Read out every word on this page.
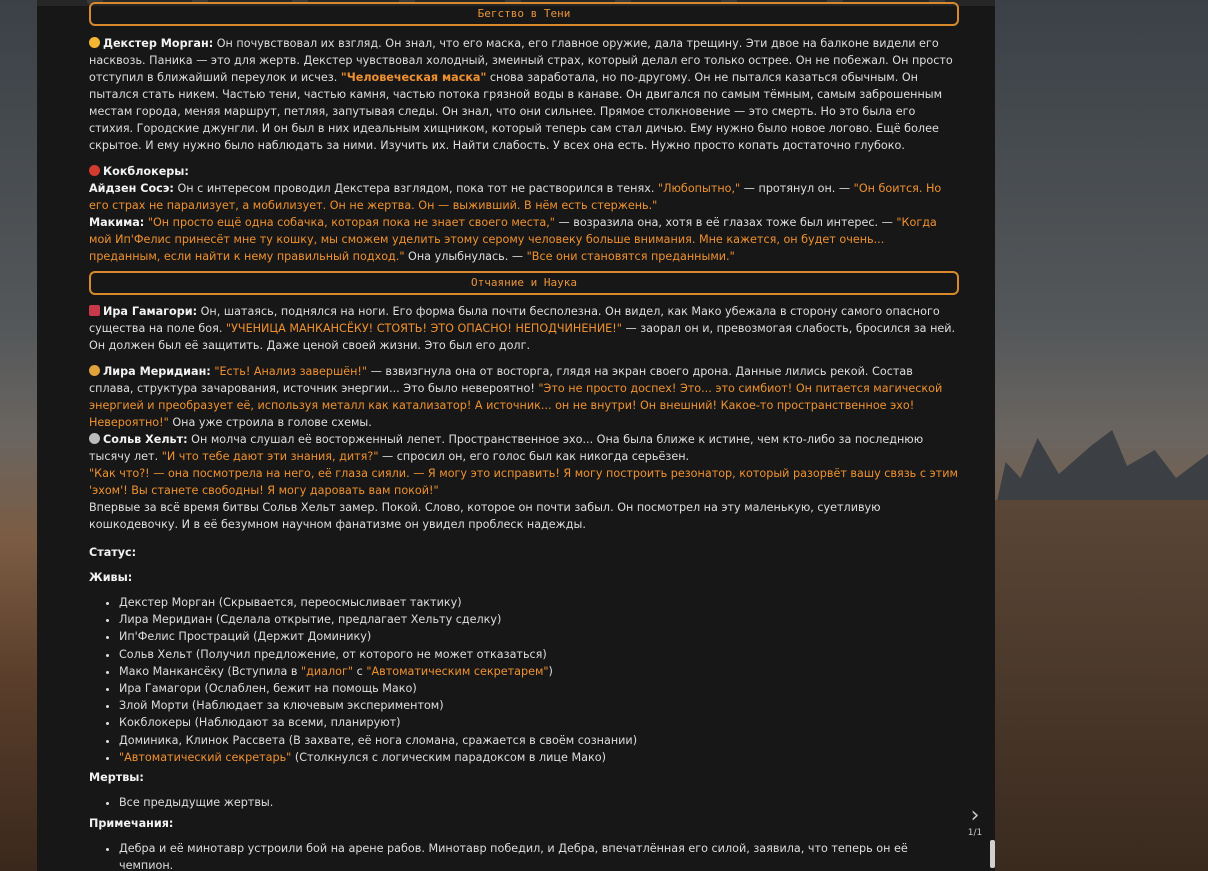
Бегство в Тени

Декстер Морган: Он почувствовал их взгляд. Он знал, что его маска, его главное оружие, дала трещину. Эти двое на балконе видели его насквозь. Паника — это для жертв. Декстер чувствовал холодный, змеиный страх, который делал его только острее. Он не побежал. Он просто отступил в ближайший переулок и исчез. "Человеческая маска" снова заработала, но по-другому. Он не пытался казаться обычным. Он пытался стать никем. Частью тени, частью камня, частью потока грязной воды в канаве. Он двигался по самым тёмным, самым заброшенным местам города, меняя маршрут, петляя, запутывая следы. Он знал, что они сильнее. Прямое столкновение — это смерть. Но это была его стихия. Городские джунгли. И он был в них идеальным хищником, который теперь сам стал дичью. Ему нужно было новое логово. Ещё более скрытое. И ему нужно было наблюдать за ними. Изучить их. Найти слабость. У всех она есть. Нужно просто копать достаточно глубоко.

Кокблокеры:
Айдзен Сосэ: Он с интересом проводил Декстера взглядом, пока тот не растворился в тенях. "Любопытно," — протянул он. — "Он боится. Но его страх не парализует, а мобилизует. Он не жертва. Он — выживший. В нём есть стержень."
Макима: "Он просто ещё одна собачка, которая пока не знает своего места," — возразила она, хотя в её глазах тоже был интерес. — "Когда мой Ип'Фелис принесёт мне ту кошку, мы сможем уделить этому серому человеку больше внимания. Мне кажется, он будет очень... преданным, если найти к нему правильный подход." Она улыбнулась. — "Все они становятся преданными."

Отчаяние и Наука

Ира Гамагори: Он, шатаясь, поднялся на ноги. Его форма была почти бесполезна. Он видел, как Мако убежала в сторону самого опасного существа на поле боя. "УЧЕНИЦА МАНКАНСЁКУ! СТОЯТЬ! ЭТО ОПАСНО! НЕПОДЧИНЕНИЕ!" — заорал он и, превозмогая слабость, бросился за ней. Он должен был её защитить. Даже ценой своей жизни. Это был его долг.

Лира Меридиан: "Есть! Анализ завершён!" — взвизгнула она от восторга, глядя на экран своего дрона. Данные лились рекой. Состав сплава, структура зачарования, источник энергии... Это было невероятно! "Это не просто доспех! Это... это симбиот! Он питается магической энергией и преобразует её, используя металл как катализатор! А источник... он не внутри! Он внешний! Какое-то пространственное эхо! Невероятно!" Она уже строила в голове схемы.
Сольв Хельт: Он молча слушал её восторженный лепет. Пространственное эхо... Она была ближе к истине, чем кто-либо за последнюю тысячу лет. "И что тебе дают эти знания, дитя?" — спросил он, его голос был как никогда серьёзен.
"Как что?! — она посмотрела на него, её глаза сияли. — Я могу это исправить! Я могу построить резонатор, который разорвёт вашу связь с этим 'эхом'! Вы станете свободны! Я могу даровать вам покой!"
Впервые за всё время битвы Сольв Хельт замер. Покой. Слово, которое он почти забыл. Он посмотрел на эту маленькую, суетливую кошкодевочку. И в её безумном научном фанатизме он увидел проблеск надежды.

Статус:

Живы:

• Декстер Морган (Скрывается, переосмысливает тактику)
• Лира Меридиан (Сделала открытие, предлагает Хельту сделку)
• Ип'Фелис Простраций (Держит Доминику)
• Сольв Хельт (Получил предложение, от которого не может отказаться)
• Мако Манкансёку (Вступила в "диалог" с "Автоматическим секретарем")
• Ира Гамагори (Ослаблен, бежит на помощь Мако)
• Злой Морти (Наблюдает за ключевым экспериментом)
• Кокблокеры (Наблюдают за всеми, планируют)
• Доминика, Клинок Рассвета (В захвате, её нога сломана, сражается в своём сознании)
• "Автоматический секретарь" (Столкнулся с логическим парадоксом в лице Мако)

Мертвы:

• Все предыдущие жертвы.

Примечания:

• Дебра и её минотавр устроили бой на арене рабов. Минотавр победил, и Дебра, впечатлённая его силой, заявила, что теперь он её чемпион.
›
1/1
